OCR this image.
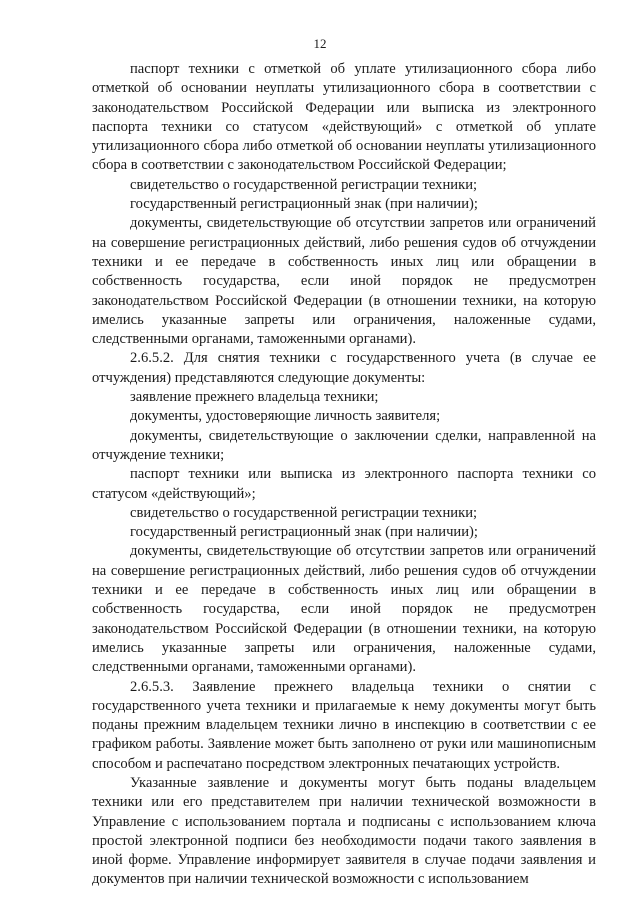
12

паспорт техники с отметкой об уплате утилизационного сбора либо отметкой об основании неуплаты утилизационного сбора в соответствии с законодательством Российской Федерации или выписка из электронного паспорта техники со статусом «действующий» с отметкой об уплате утилизационного сбора либо отметкой об основании неуплаты утилизационного сбора в соответствии с законодательством Российской Федерации;

свидетельство о государственной регистрации техники;

государственный регистрационный знак (при наличии);

документы, свидетельствующие об отсутствии запретов или ограничений на совершение регистрационных действий, либо решения судов об отчуждении техники и ее передаче в собственность иных лиц или обращении в собственность государства, если иной порядок не предусмотрен законодательством Российской Федерации (в отношении техники, на которую имелись указанные запреты или ограничения, наложенные судами, следственными органами, таможенными органами).

2.6.5.2. Для снятия техники с государственного учета (в случае ее отчуждения) представляются следующие документы:

заявление прежнего владельца техники;

документы, удостоверяющие личность заявителя;

документы, свидетельствующие о заключении сделки, направленной на отчуждение техники;

паспорт техники или выписка из электронного паспорта техники со статусом «действующий»;

свидетельство о государственной регистрации техники;

государственный регистрационный знак (при наличии);

документы, свидетельствующие об отсутствии запретов или ограничений на совершение регистрационных действий, либо решения судов об отчуждении техники и ее передаче в собственность иных лиц или обращении в собственность государства, если иной порядок не предусмотрен законодательством Российской Федерации (в отношении техники, на которую имелись указанные запреты или ограничения, наложенные судами, следственными органами, таможенными органами).

2.6.5.3. Заявление прежнего владельца техники о снятии с государственного учета техники и прилагаемые к нему документы могут быть поданы прежним владельцем техники лично в инспекцию в соответствии с ее графиком работы. Заявление может быть заполнено от руки или машинописным способом и распечатано посредством электронных печатающих устройств.

Указанные заявление и документы могут быть поданы владельцем техники или его представителем при наличии технической возможности в Управление с использованием портала и подписаны с использованием ключа простой электронной подписи без необходимости подачи такого заявления в иной форме. Управление информирует заявителя в случае подачи заявления и документов при наличии технической возможности с использованием
